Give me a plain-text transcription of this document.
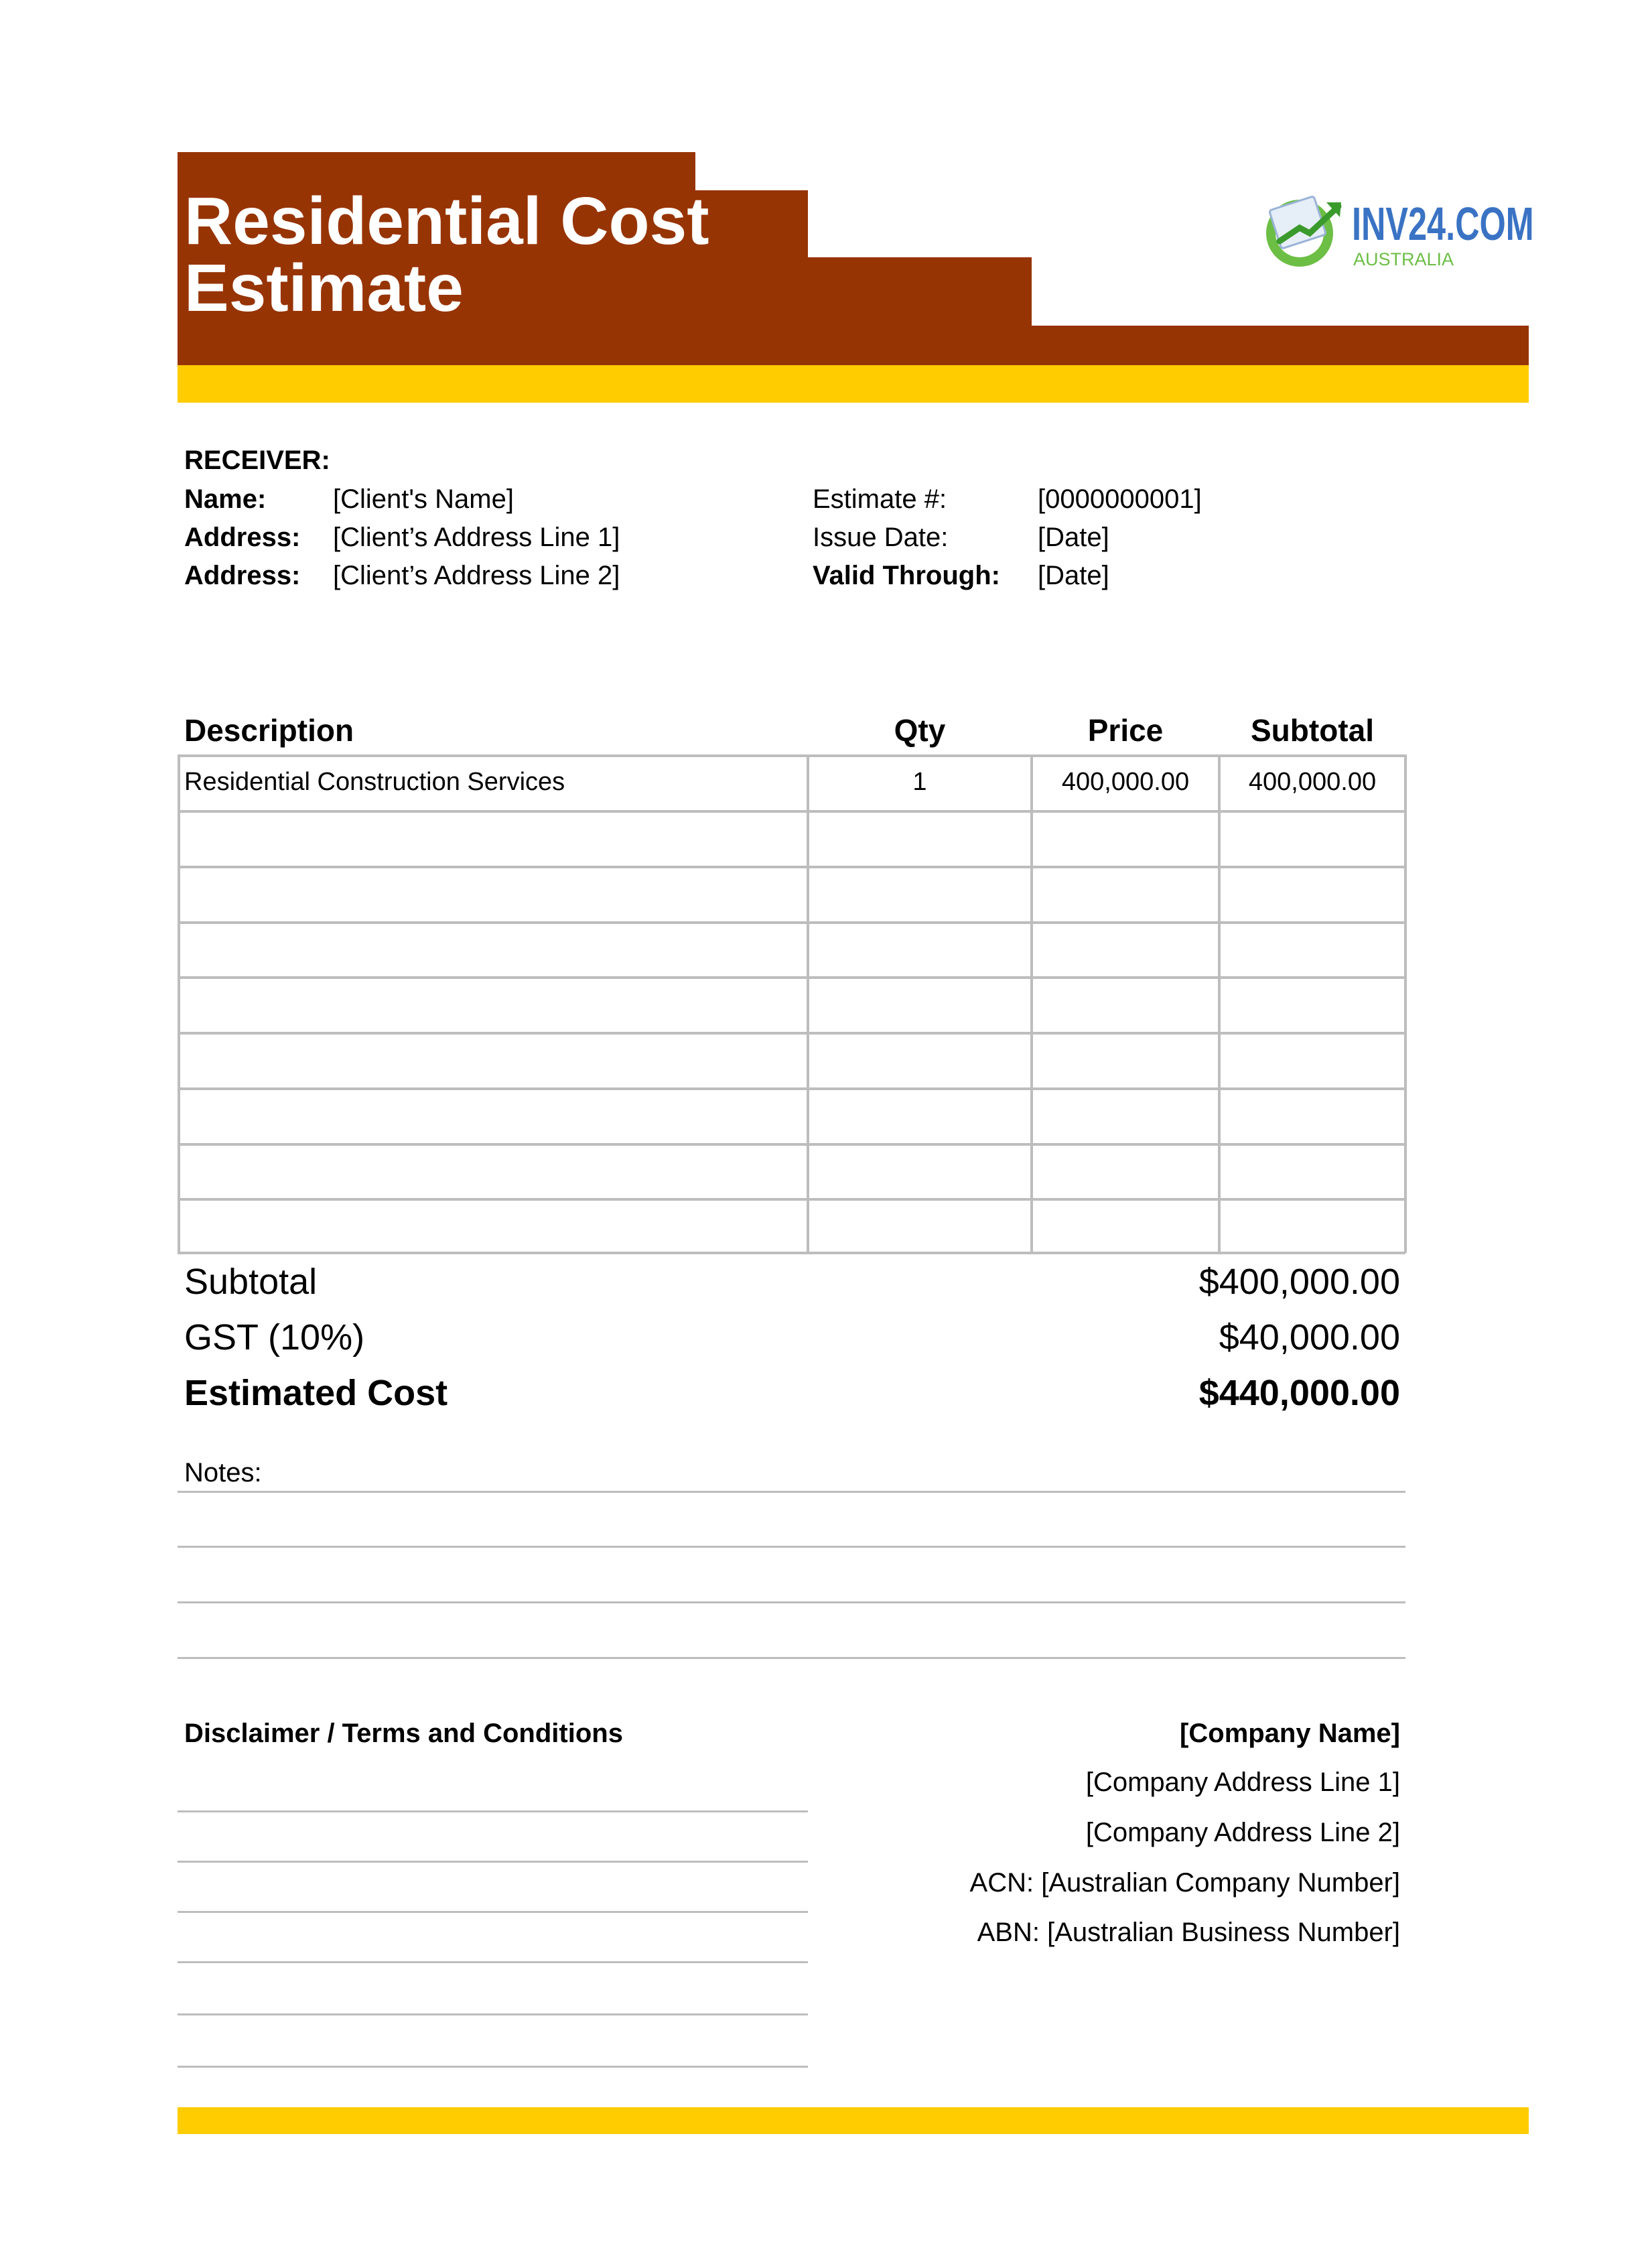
Residential Cost
Estimate
INV24.COM
AUSTRALIA
RECEIVER:
Name: [Client's Name]
Address: [Client’s Address Line 1]
Address: [Client’s Address Line 2]
Estimate #:	[0000000001]
Issue Date:	[Date]
Valid Through: [Date]
Description	Qty	Price	Subtotal
Residential Construction Services	1	400,000.00	400,000.00
Subtotal	$400,000.00
GST (10%)	$40,000.00
Estimated Cost	$440,000.00
Notes:
Disclaimer / Terms and Conditions	[Company Name]
[Company Address Line 1]
[Company Address Line 2]
ACN: [Australian Company Number]
ABN: [Australian Business Number]
